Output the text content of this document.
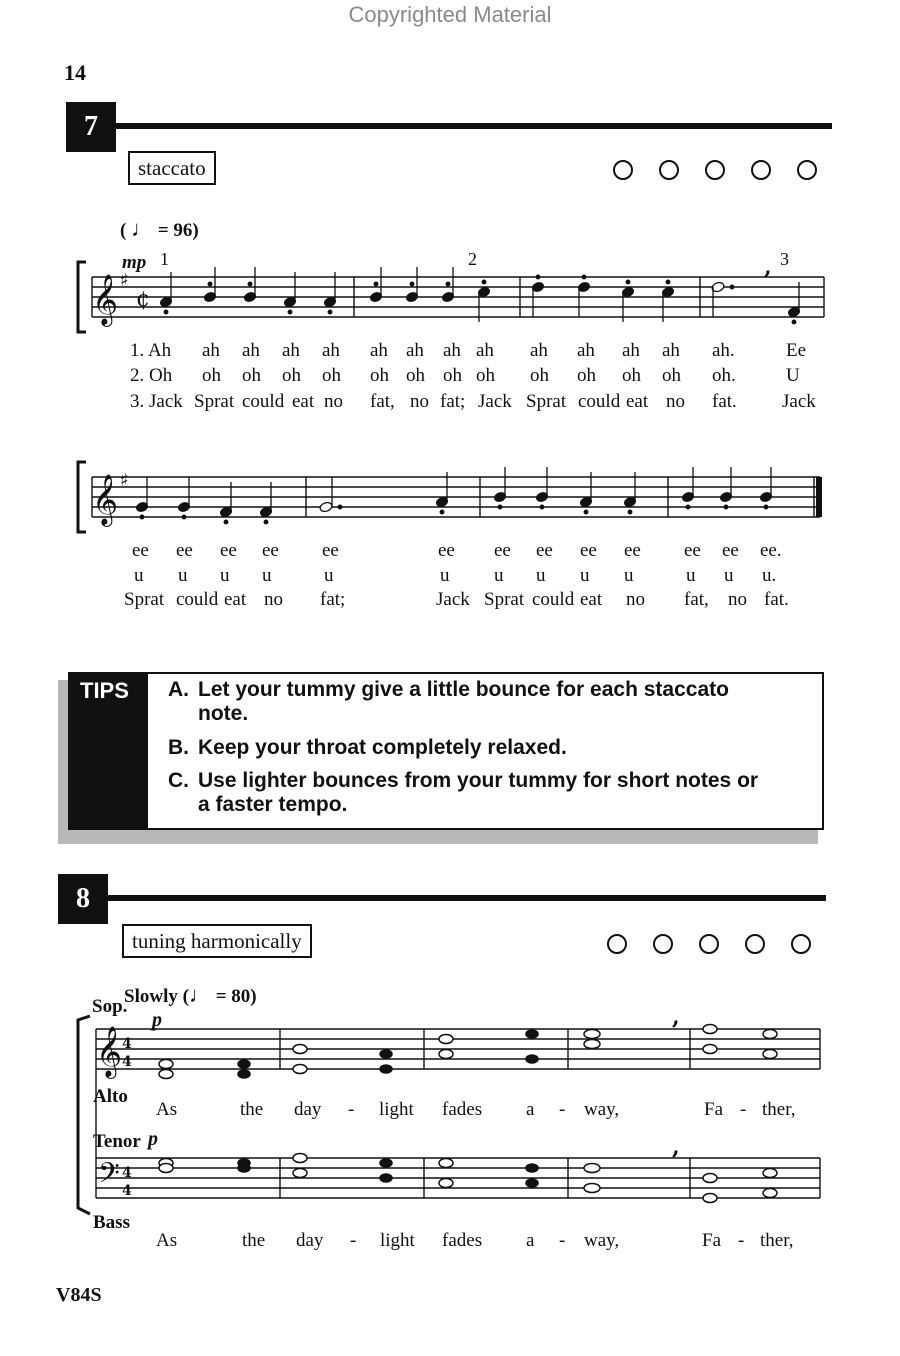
Copyrighted Material
14
V84S
7
staccato
( ♩ = 96)
mp 1	2	3
1. Ah ah ah ah ah ah ah ah ah ah ah ah ah ah.	Ee
2. Oh oh oh oh oh oh oh oh oh oh oh oh oh oh.	U
3. Jack Sprat could eat no fat, no fat; Jack Sprat could eat no fat. Jack
ee ee ee ee ee	ee ee ee ee ee ee ee ee.
u u u u	u	u u u u u	u u u.
Sprat could eat no fat;	Jack Sprat could eat no fat, no fat.
TIPS A. Let your tummy give a little bounce for each staccato
note.
B. Keep your throat completely relaxed.
C. Use lighter bounces from your tummy for short notes or
a faster tempo.
8
tuning harmonically
Slowly (♩ = 80)
Sop.
p
Alto
Tenor p
Bass
As	the day - light fades a - way,	Fa - ther,
As	the day - light fades a - way,	Fa - ther,
𝄞 ♯
¢
𝄞 ♯
𝄞 4
4
𝄢 4
4
,
,
,
